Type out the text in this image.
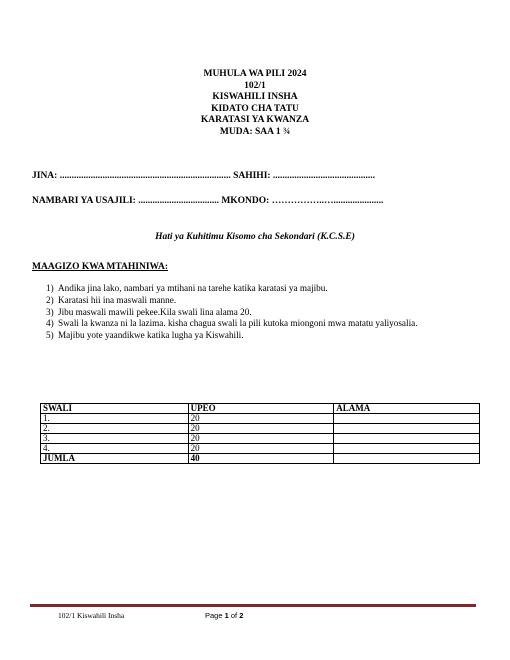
MUHULA WA PILI 2024
102/1
KISWAHILI INSHA
KIDATO CHA TATU
KARATASI YA KWANZA
MUDA: SAA 1 ¾
JINA: ........................................................................ SAHIHI: ...........................................
NAMBARI YA USAJILI: .................................. MKONDO: ……………..….....................
Hati ya Kuhitimu Kisomo cha Sekondari (K.C.S.E)
MAAGIZO KWA MTAHINIWA:
1) Andika jina lako, nambari ya mtihani na tarehe katika karatasi ya majibu.
2) Karatasi hii ina maswali manne.
3) Jibu maswali mawili pekee.Kila swali lina alama 20.
4) Swali la kwanza ni la lazima. kisha chagua swali la pili kutoka miongoni mwa matatu yaliyosalia.
5) Majibu yote yaandikwe katika lugha ya Kiswahili.
SWALI	UPEO	ALAMA
1.	20	
2.	20	
3.	20	
4.	20	
JUMLA	40	
102/1 Kiswahili Insha	Page 1 of 2
